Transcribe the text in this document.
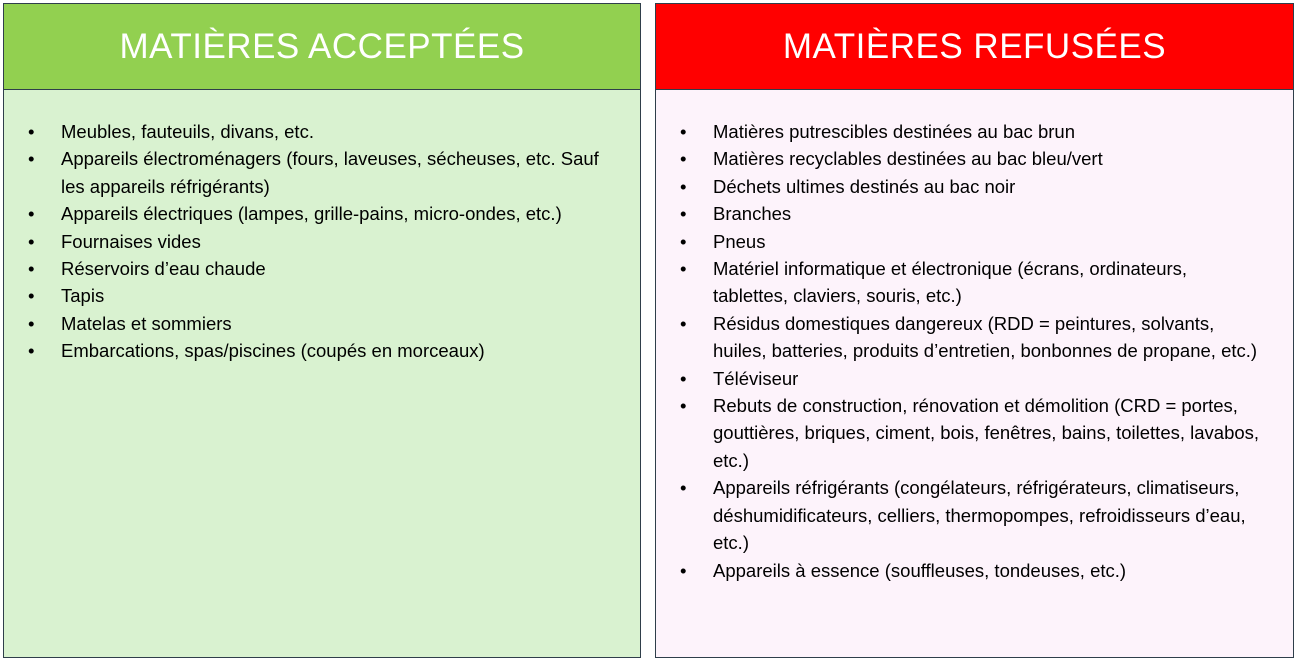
MATIÈRES ACCEPTÉES
• Meubles, fauteuils, divans, etc.
• Appareils électroménagers (fours, laveuses, sécheuses, etc. Sauf les appareils réfrigérants)
• Appareils électriques (lampes, grille-pains, micro-ondes, etc.)
• Fournaises vides
• Réservoirs d’eau chaude
• Tapis
• Matelas et sommiers
• Embarcations, spas/piscines (coupés en morceaux)
MATIÈRES REFUSÉES
• Matières putrescibles destinées au bac brun
• Matières recyclables destinées au bac bleu/vert
• Déchets ultimes destinés au bac noir
• Branches
• Pneus
• Matériel informatique et électronique (écrans, ordinateurs, tablettes, claviers, souris, etc.)
• Résidus domestiques dangereux (RDD = peintures, solvants, huiles, batteries, produits d’entretien, bonbonnes de propane, etc.)
• Téléviseur
• Rebuts de construction, rénovation et démolition (CRD = portes, gouttières, briques, ciment, bois, fenêtres, bains, toilettes, lavabos, etc.)
• Appareils réfrigérants (congélateurs, réfrigérateurs, climatiseurs, déshumidificateurs, celliers, thermopompes, refroidisseurs d’eau, etc.)
• Appareils à essence (souffleuses, tondeuses, etc.)
